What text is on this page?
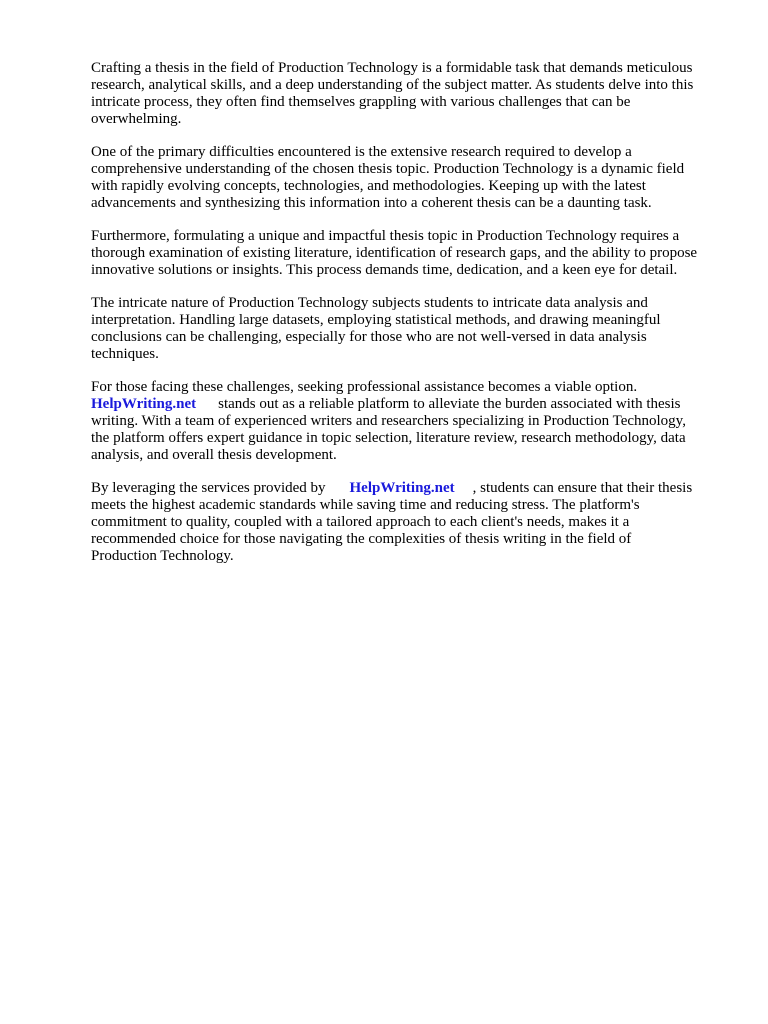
Crafting a thesis in the field of Production Technology is a formidable task that demands meticulous
research, analytical skills, and a deep understanding of the subject matter. As students delve into this
intricate process, they often find themselves grappling with various challenges that can be
overwhelming.

One of the primary difficulties encountered is the extensive research required to develop a
comprehensive understanding of the chosen thesis topic. Production Technology is a dynamic field
with rapidly evolving concepts, technologies, and methodologies. Keeping up with the latest
advancements and synthesizing this information into a coherent thesis can be a daunting task.

Furthermore, formulating a unique and impactful thesis topic in Production Technology requires a
thorough examination of existing literature, identification of research gaps, and the ability to propose
innovative solutions or insights. This process demands time, dedication, and a keen eye for detail.

The intricate nature of Production Technology subjects students to intricate data analysis and
interpretation. Handling large datasets, employing statistical methods, and drawing meaningful
conclusions can be challenging, especially for those who are not well-versed in data analysis
techniques.

For those facing these challenges, seeking professional assistance becomes a viable option.
HelpWriting.net stands out as a reliable platform to alleviate the burden associated with thesis
writing. With a team of experienced writers and researchers specializing in Production Technology,
the platform offers expert guidance in topic selection, literature review, research methodology, data
analysis, and overall thesis development.

By leveraging the services provided by HelpWriting.net , students can ensure that their thesis
meets the highest academic standards while saving time and reducing stress. The platform's
commitment to quality, coupled with a tailored approach to each client's needs, makes it a
recommended choice for those navigating the complexities of thesis writing in the field of
Production Technology.
